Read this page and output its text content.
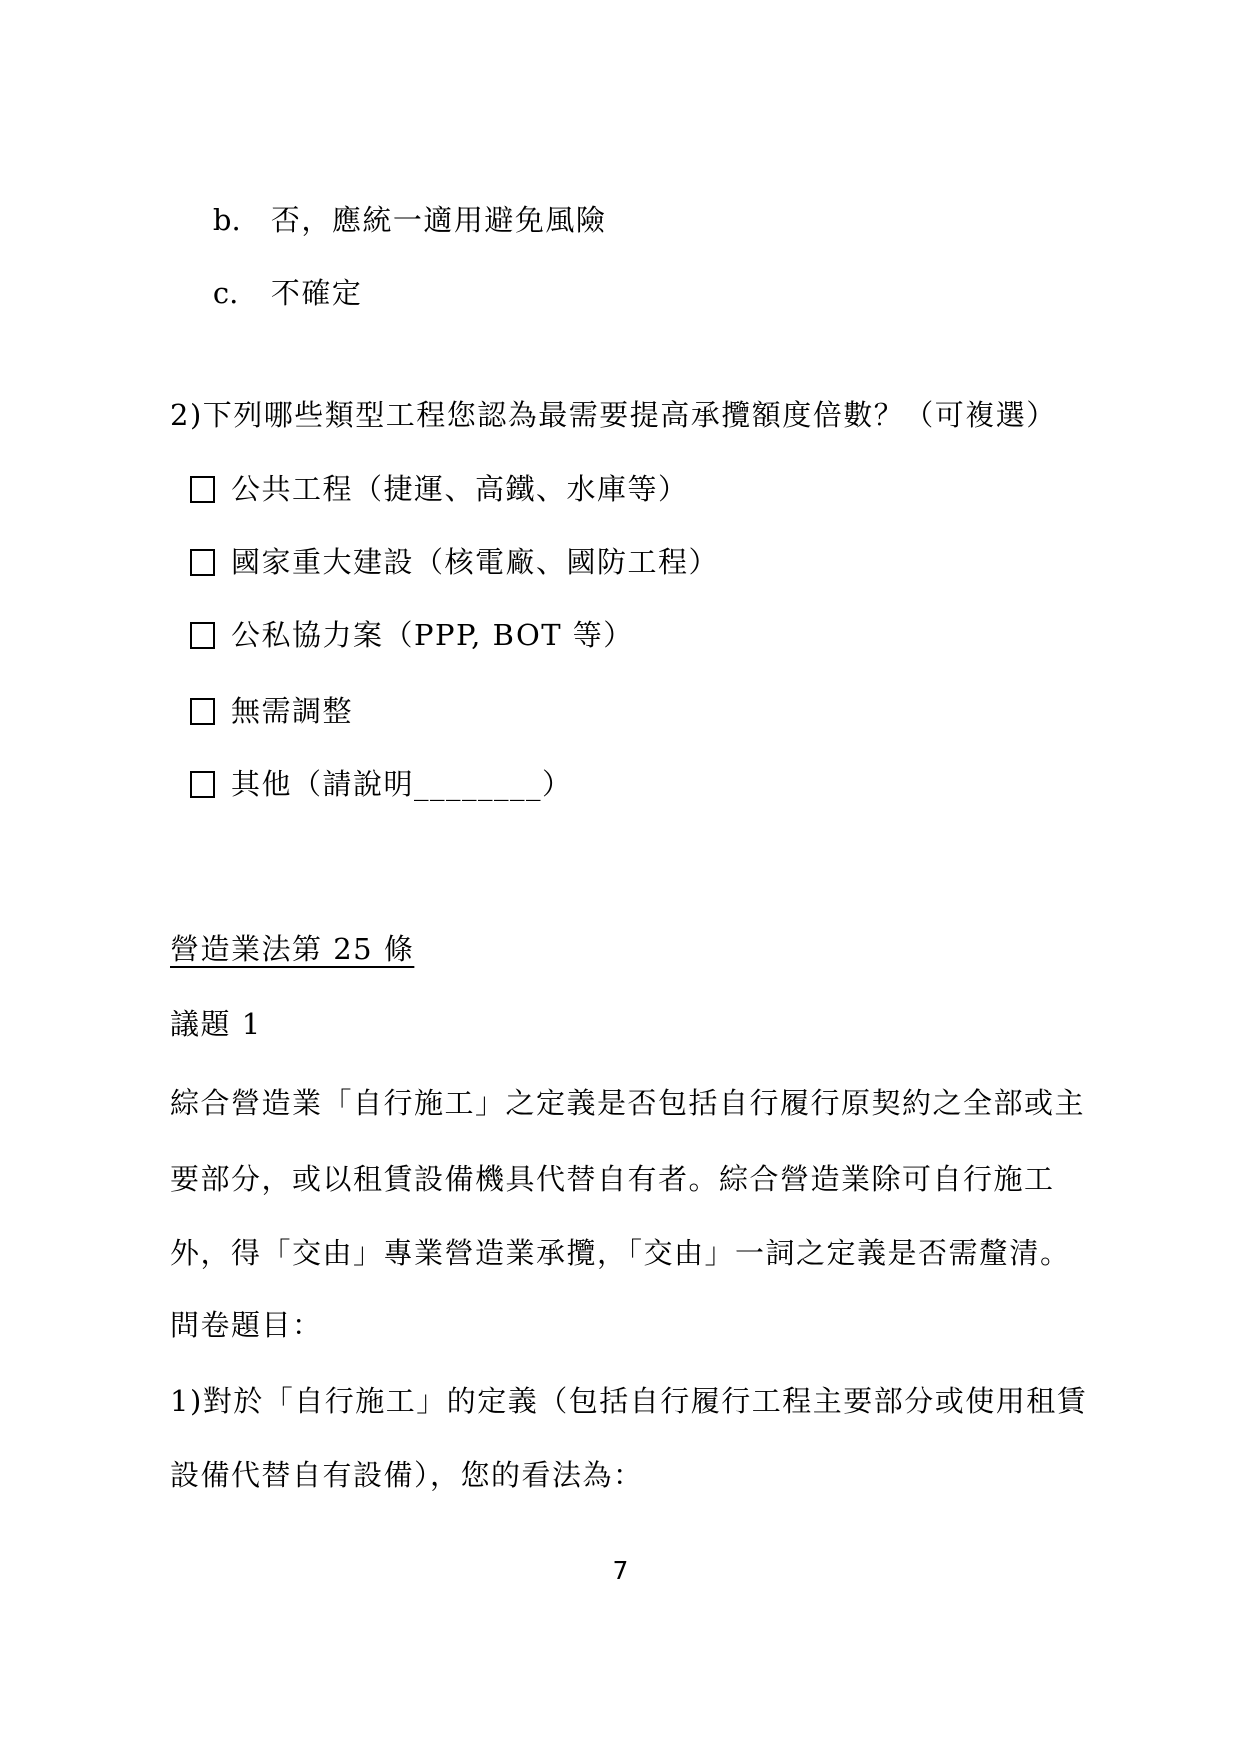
b. 否，應統一適用避免風險

c. 不確定

2)下列哪些類型工程您認為最需要提高承攬額度倍數？（可複選）
公共工程（捷運、高鐵、水庫等）
國家重大建設（核電廠、國防工程）
公私協力案（PPP, BOT 等）
無需調整
其他（請說明________）
營造業法第 25 條
議題 1
綜合營造業「自行施工」之定義是否包括自行履行原契約之全部或主
要部分，或以租賃設備機具代替自有者。綜合營造業除可自行施工
外，得「交由」專業營造業承攬，「交由」一詞之定義是否需釐清。
問卷題目：
1)對於「自行施工」的定義（包括自行履行工程主要部分或使用租賃
設備代替自有設備），您的看法為：
7
